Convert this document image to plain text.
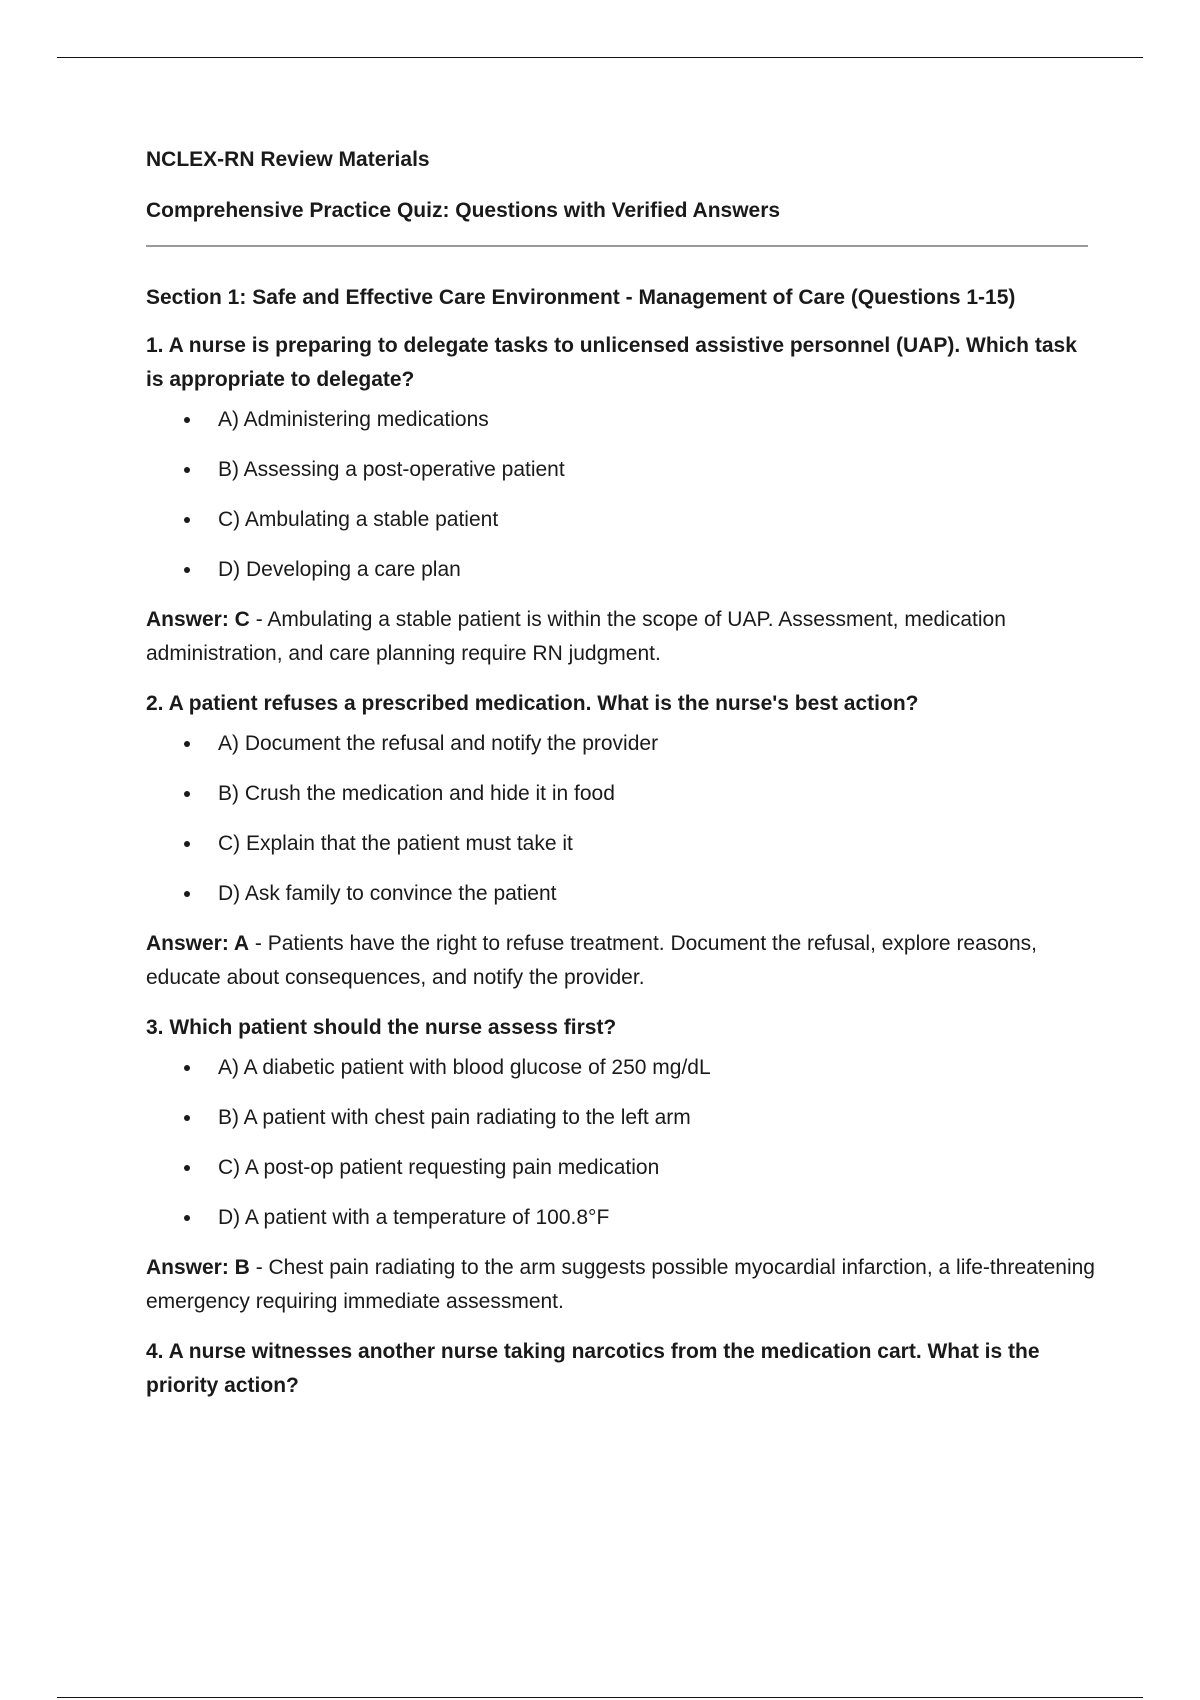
NCLEX-RN Review Materials

Comprehensive Practice Quiz: Questions with Verified Answers

Section 1: Safe and Effective Care Environment - Management of Care (Questions 1-15)

1. A nurse is preparing to delegate tasks to unlicensed assistive personnel (UAP). Which task is appropriate to delegate?

A) Administering medications
B) Assessing a post-operative patient
C) Ambulating a stable patient
D) Developing a care plan

Answer: C - Ambulating a stable patient is within the scope of UAP. Assessment, medication administration, and care planning require RN judgment.

2. A patient refuses a prescribed medication. What is the nurse's best action?

A) Document the refusal and notify the provider
B) Crush the medication and hide it in food
C) Explain that the patient must take it
D) Ask family to convince the patient

Answer: A - Patients have the right to refuse treatment. Document the refusal, explore reasons, educate about consequences, and notify the provider.

3. Which patient should the nurse assess first?

A) A diabetic patient with blood glucose of 250 mg/dL
B) A patient with chest pain radiating to the left arm
C) A post-op patient requesting pain medication
D) A patient with a temperature of 100.8°F

Answer: B - Chest pain radiating to the arm suggests possible myocardial infarction, a life-threatening emergency requiring immediate assessment.

4. A nurse witnesses another nurse taking narcotics from the medication cart. What is the priority action?
